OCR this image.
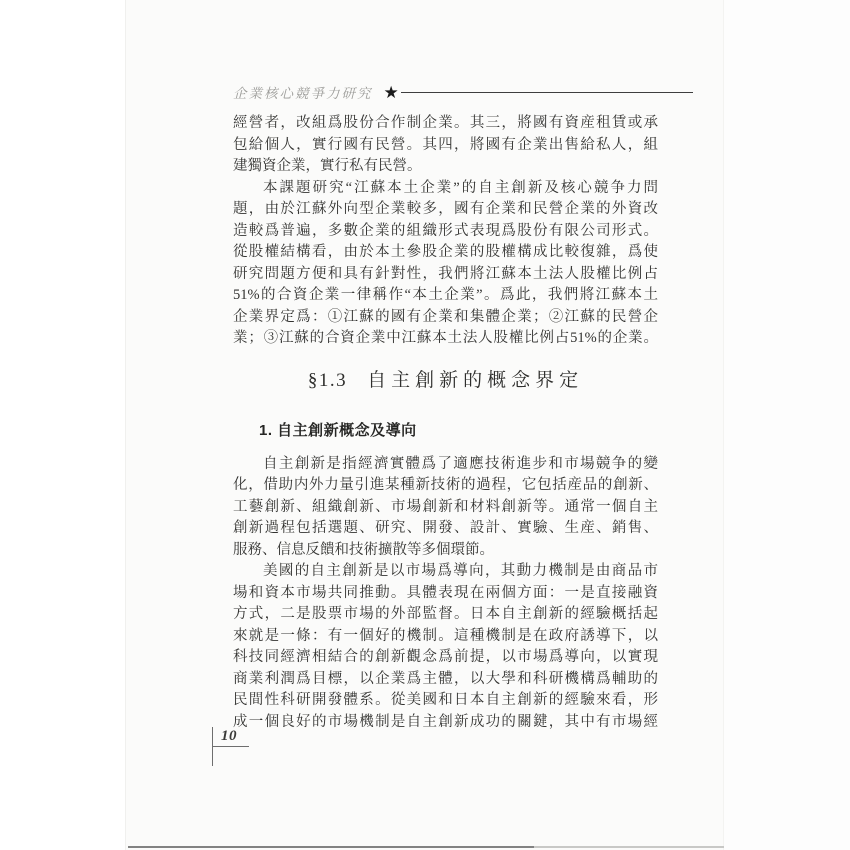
企業核心競爭力研究 ★
經營者，改組爲股份合作制企業。其三，將國有資産租賃或承
包給個人，實行國有民營。其四，將國有企業出售給私人，組
建獨資企業，實行私有民營。
本課題研究“江蘇本土企業”的自主創新及核心競争力問
題，由於江蘇外向型企業較多，國有企業和民營企業的外資改
造較爲普遍，多數企業的組織形式表現爲股份有限公司形式。
從股權結構看，由於本土參股企業的股權構成比較復雜，爲使
研究問題方便和具有針對性，我們將江蘇本土法人股權比例占
51%的合資企業一律稱作“本土企業”。爲此，我們將江蘇本土
企業界定爲：①江蘇的國有企業和集體企業；②江蘇的民營企
業；③江蘇的合資企業中江蘇本土法人股權比例占51%的企業。
§1.3 自主創新的概念界定
1. 自主創新概念及導向
自主創新是指經濟實體爲了適應技術進步和市場競争的變
化，借助内外力量引進某種新技術的過程，它包括産品的創新、
工藝創新、組織創新、市場創新和材料創新等。通常一個自主
創新過程包括選題、研究、開發、設計、實驗、生産、銷售、
服務、信息反饋和技術擴散等多個環節。
美國的自主創新是以市場爲導向，其動力機制是由商品市
場和資本市場共同推動。具體表現在兩個方面：一是直接融資
方式，二是股票市場的外部監督。日本自主創新的經驗概括起
來就是一條：有一個好的機制。這種機制是在政府誘導下，以
科技同經濟相結合的創新觀念爲前提，以市場爲導向，以實現
商業利潤爲目標，以企業爲主體，以大學和科研機構爲輔助的
民間性科研開發體系。從美國和日本自主創新的經驗來看，形
成一個良好的市場機制是自主創新成功的關鍵，其中有市場經
10
